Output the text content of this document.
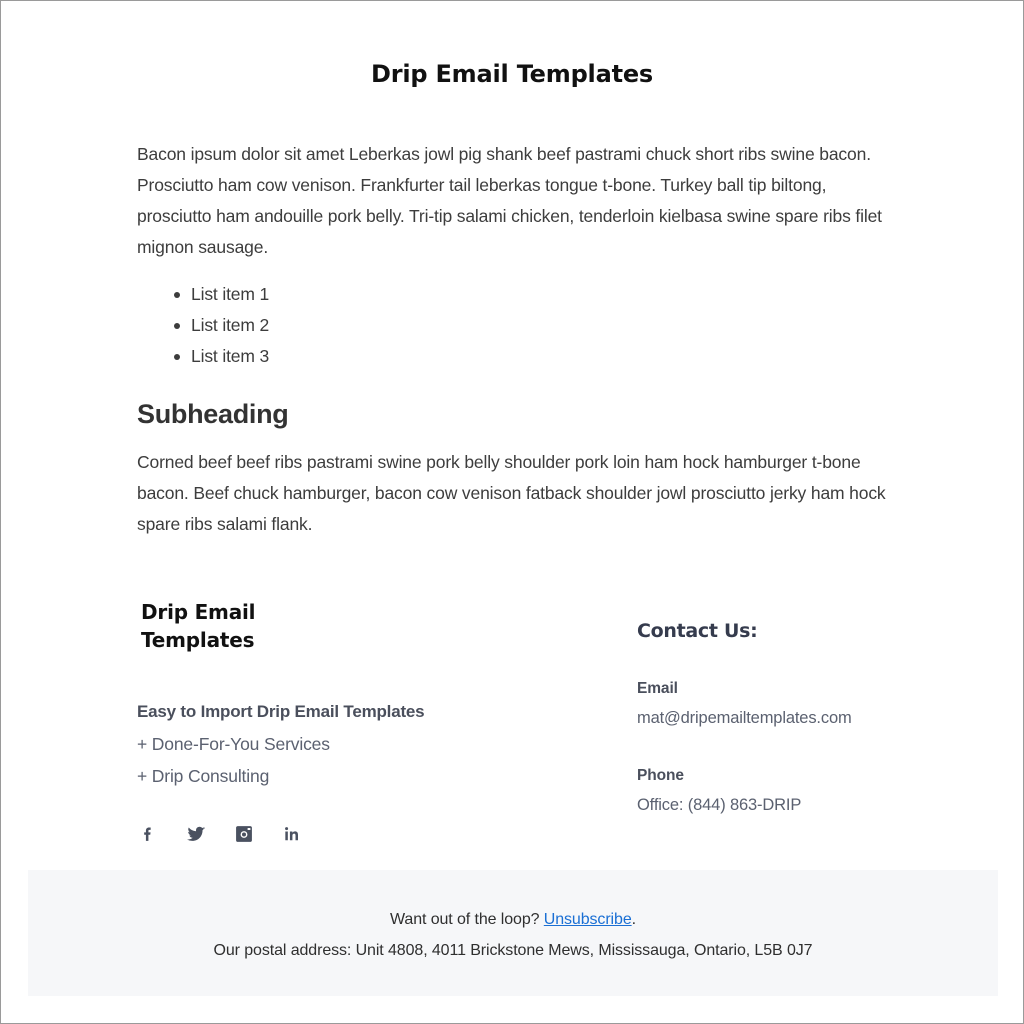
Drip Email Templates

Bacon ipsum dolor sit amet Leberkas jowl pig shank beef pastrami chuck short ribs swine bacon. Prosciutto ham cow venison. Frankfurter tail leberkas tongue t-bone. Turkey ball tip biltong, prosciutto ham andouille pork belly. Tri-tip salami chicken, tenderloin kielbasa swine spare ribs filet mignon sausage.

List item 1
List item 2
List item 3
Subheading

Corned beef beef ribs pastrami swine pork belly shoulder pork loin ham hock hamburger t-bone bacon. Beef chuck hamburger, bacon cow venison fatback shoulder jowl prosciutto jerky ham hock spare ribs salami flank.

Drip Email Templates

Easy to Import Drip Email Templates

+ Done-For-You Services

+ Drip Consulting

Contact Us:

Email

mat@dripemailtemplates.com

Phone

Office: (844) 863-DRIP

Want out of the loop? Unsubscribe.

Our postal address: Unit 4808, 4011 Brickstone Mews, Mississauga, Ontario, L5B 0J7
